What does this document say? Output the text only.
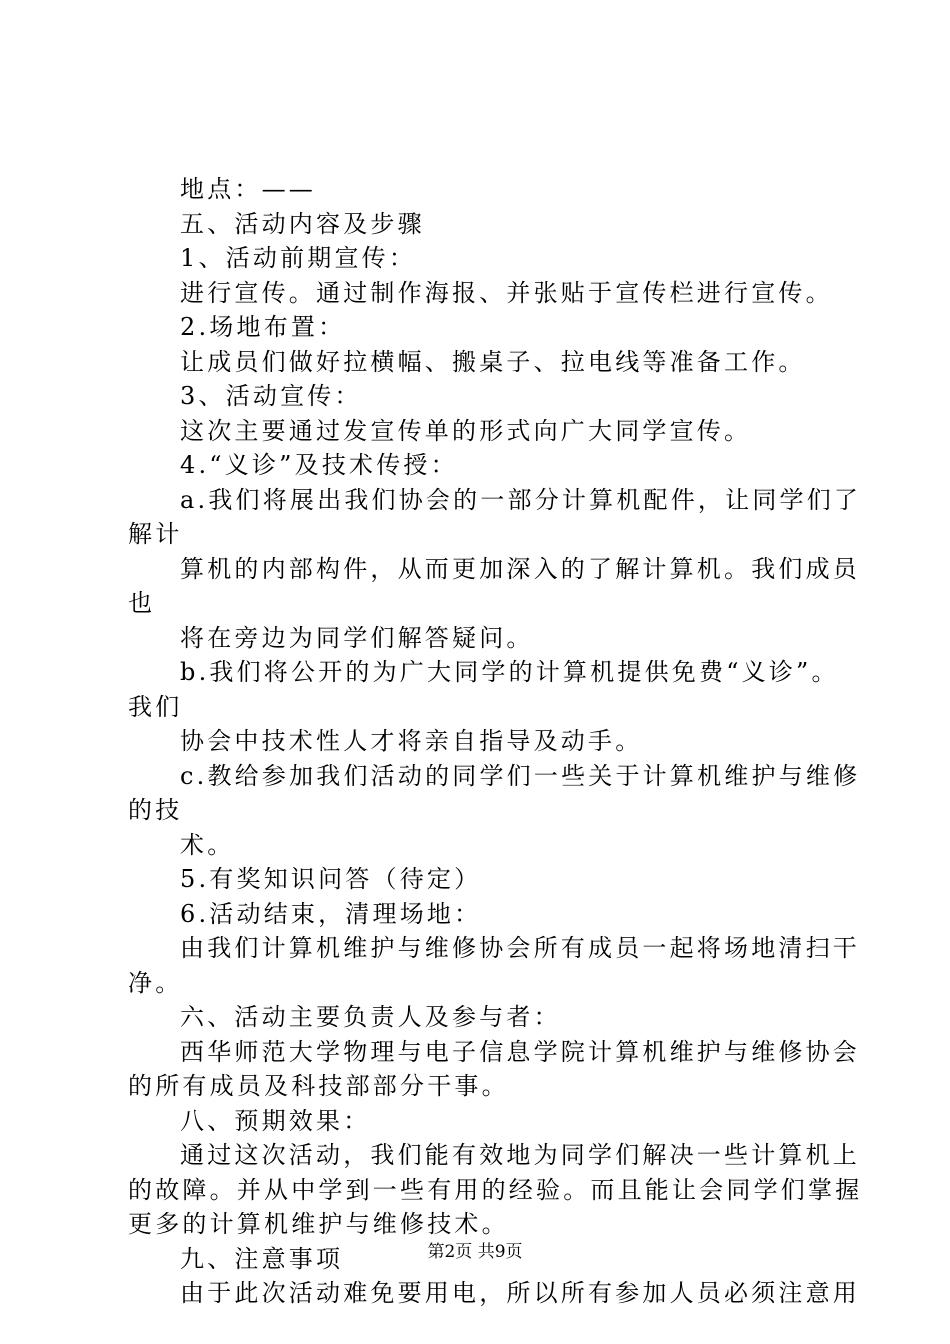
地点：——
五、活动内容及步骤
1、活动前期宣传：
进行宣传。通过制作海报、并张贴于宣传栏进行宣传。
2.场地布置：
让成员们做好拉横幅、搬桌子、拉电线等准备工作。
3、活动宣传：
这次主要通过发宣传单的形式向广大同学宣传。
4.“义诊”及技术传授：
a.我们将展出我们协会的一部分计算机配件，让同学们了
解计
算机的内部构件，从而更加深入的了解计算机。我们成员
也
将在旁边为同学们解答疑问。
b.我们将公开的为广大同学的计算机提供免费“义诊”。
我们
协会中技术性人才将亲自指导及动手。
c.教给参加我们活动的同学们一些关于计算机维护与维修
的技
术。
5.有奖知识问答（待定）
6.活动结束，清理场地：
由我们计算机维护与维修协会所有成员一起将场地清扫干
净。
六、活动主要负责人及参与者：
西华师范大学物理与电子信息学院计算机维护与维修协会
的所有成员及科技部部分干事。
八、预期效果：
通过这次活动，我们能有效地为同学们解决一些计算机上
的故障。并从中学到一些有用的经验。而且能让会同学们掌握
更多的计算机维护与维修技术。
九、注意事项
由于此次活动难免要用电，所以所有参加人员必须注意用
第2页 共9页
